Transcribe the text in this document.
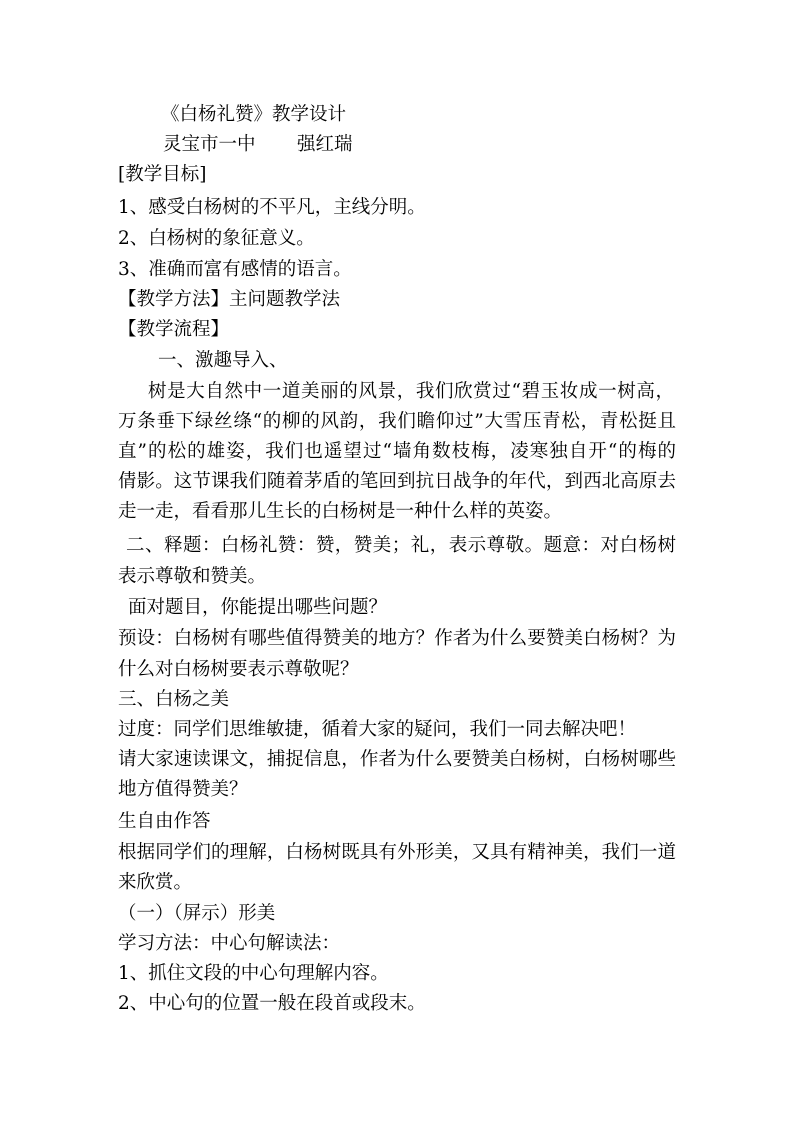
《白杨礼赞》教学设计
灵宝市一中 强红瑞
[教学目标]
1、感受白杨树的不平凡，主线分明。
2、白杨树的象征意义。
3、准确而富有感情的语言。
【教学方法】主问题教学法
【教学流程】
一、激趣导入、
树是大自然中一道美丽的风景，我们欣赏过“碧玉妆成一树高，
万条垂下绿丝绦“的柳的风韵，我们瞻仰过”大雪压青松，青松挺且
直”的松的雄姿，我们也遥望过“墙角数枝梅，凌寒独自开“的梅的
倩影。这节课我们随着茅盾的笔回到抗日战争的年代，到西北高原去
走一走，看看那儿生长的白杨树是一种什么样的英姿。
二、释题：白杨礼赞：赞，赞美；礼，表示尊敬。题意：对白杨树
表示尊敬和赞美。
面对题目，你能提出哪些问题？
预设：白杨树有哪些值得赞美的地方？作者为什么要赞美白杨树？为
什么对白杨树要表示尊敬呢？
三、白杨之美
过度：同学们思维敏捷，循着大家的疑问，我们一同去解决吧！
请大家速读课文，捕捉信息，作者为什么要赞美白杨树，白杨树哪些
地方值得赞美？
生自由作答
根据同学们的理解，白杨树既具有外形美，又具有精神美，我们一道
来欣赏。
（一）（屏示）形美
学习方法：中心句解读法：
1、抓住文段的中心句理解内容。
2、中心句的位置一般在段首或段末。
